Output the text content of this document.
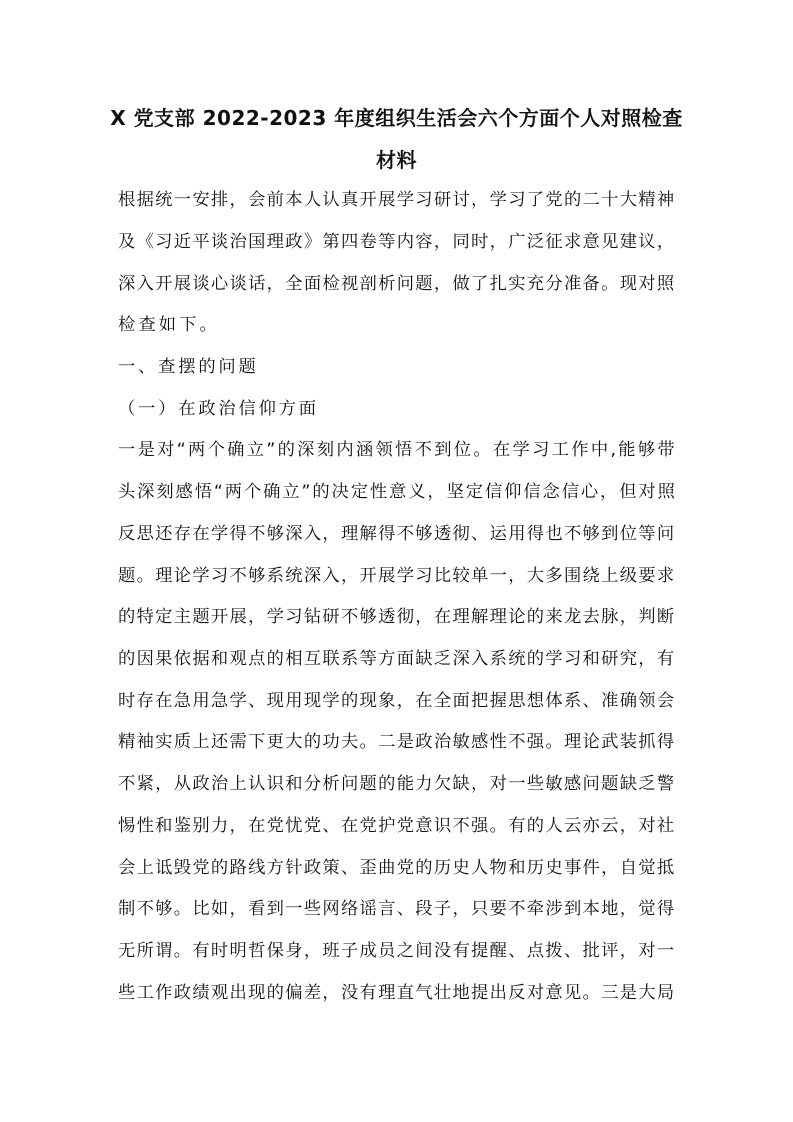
X 党支部 2022-2023 年度组织生活会六个方面个人对照检查
材料
根据统一安排，会前本人认真开展学习研讨，学习了党的二十大精神
及《习近平谈治国理政》第四卷等内容，同时，广泛征求意见建议，
深入开展谈心谈话，全面检视剖析问题，做了扎实充分准备。现对照
检查如下。
一、查摆的问题
（一）在政治信仰方面
一是对“两个确立”的深刻内涵领悟不到位。在学习工作中,能够带
头深刻感悟“两个确立”的决定性意义，坚定信仰信念信心，但对照
反思还存在学得不够深入，理解得不够透彻、运用得也不够到位等问
题。理论学习不够系统深入，开展学习比较单一，大多围绕上级要求
的特定主题开展，学习钻研不够透彻，在理解理论的来龙去脉，判断
的因果依据和观点的相互联系等方面缺乏深入系统的学习和研究，有
时存在急用急学、现用现学的现象，在全面把握思想体系、准确领会
精袖实质上还需下更大的功夫。二是政治敏感性不强。理论武装抓得
不紧，从政治上认识和分析问题的能力欠缺，对一些敏感问题缺乏警
惕性和鉴别力，在党忧党、在党护党意识不强。有的人云亦云，对社
会上诋毁党的路线方针政策、歪曲党的历史人物和历史事件，自觉抵
制不够。比如，看到一些网络谣言、段子，只要不牵涉到本地，觉得
无所谓。有时明哲保身，班子成员之间没有提醒、点拨、批评，对一
些工作政绩观出现的偏差，没有理直气壮地提出反对意见。三是大局
